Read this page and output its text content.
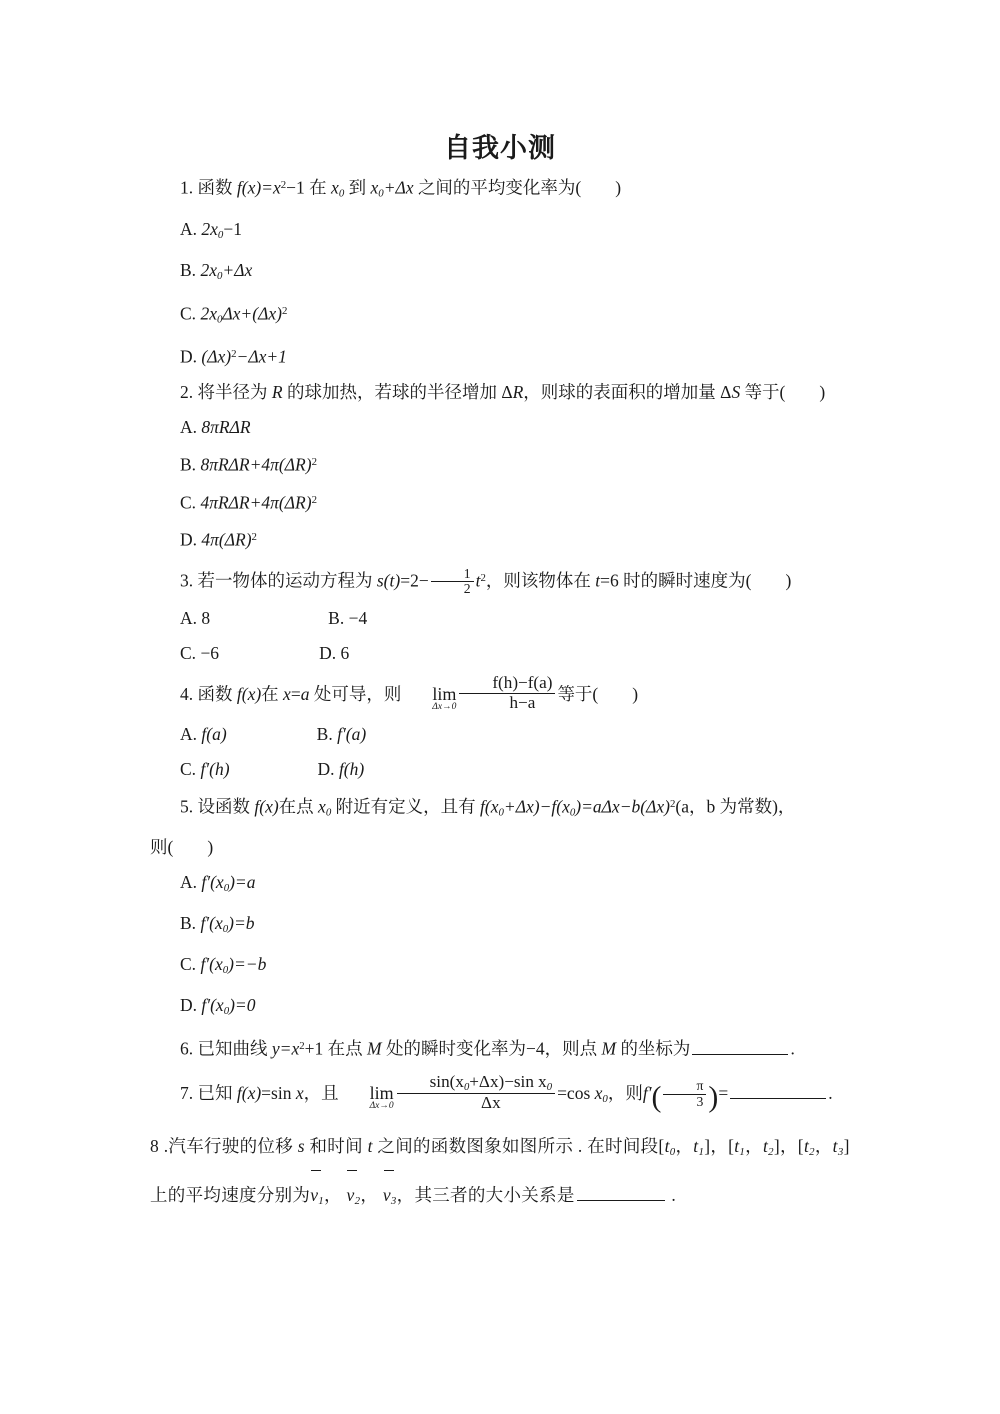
自我小测
1. 函数 $f(x)=x^2-1$ 在 $x_0$ 到 $x_0+\Delta x$ 之间的平均变化率为( )
A. $2x_0-1$
B. $2x_0+\Delta x$
C. $2x_0\Delta x+(\Delta x)^2$
D. $(\Delta x)^2-\Delta x+1$
2. 将半径为 R 的球加热，若球的半径增加 ΔR，则球的表面积的增加量 ΔS 等于( )
A. 8πRΔR
B. $8\pi R\Delta R+4\pi(\Delta R)^2$
C. $4\pi R\Delta R+4\pi(\Delta R)^2$
D. $4\pi(\Delta R)^2$
3. 若一物体的运动方程为 $s(t)=2- \frac{1}{2} t^2$，则该物体在 t=6 时的瞬时速度为( )
A. 8	B. −4
C. −6	D. 6
4. 函数 f(x)在 x=a 处可导，则	lim
$\Delta x\to 0 \frac{f(h)-f(a)}{h-a}$ 等于( )
A. f(a)	B. f′(a)
C. f′(h)	D. f(h)
5. 设函数 f(x)在点 $x_0$ 附近有定义，且有 $f(x_0+\Delta x)-f(x_0)=a\Delta x-b(\Delta x)^2(a$，b 为常数)，
则( )
A. $f'(x_0)=a$
B. $f'(x_0)=b$
C. $f'(x_0)=-b$
D. $f'(x_0)=0$
6. 已知曲线 $y=x^2+1$ 在点 M 处的瞬时变化率为−4，则点 M 的坐标为	.
7. 已知 f(x)=sin x，且	lim
$\Delta x\to 0 \frac{\sin(x_0+\Delta x)-\sin x_0}{\Delta x} =\cos$ $x_0$，则$f'( \frac{\pi}{3}$ )=	.
8 .汽车行驶的位移 s 和时间 t 之间的函数图象如图所示 . 在时间段[$t_0$，$t_1$]，[$t_1$，$t_2$]，[$t_2$，$t_3$]
上的平均速度分别为$v_1$， $v_2$， $v_3$，其三者的大小关系是	.
